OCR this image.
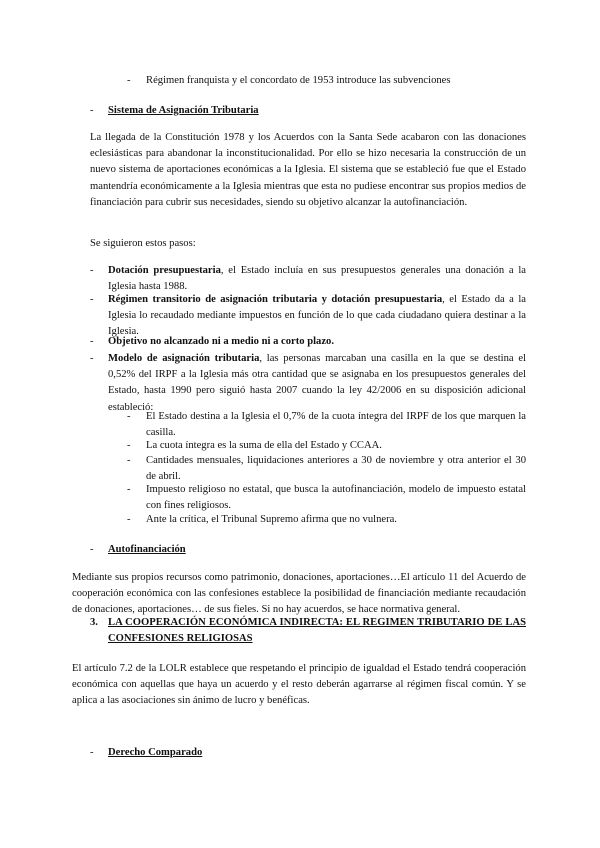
- Régimen franquista y el concordato de 1953 introduce las subvenciones
- Sistema de Asignación Tributaria
La llegada de la Constitución 1978 y los Acuerdos con la Santa Sede acabaron con las donaciones eclesiásticas para abandonar la inconstitucionalidad. Por ello se hizo necesaria la construcción de un nuevo sistema de aportaciones económicas a la Iglesia. El sistema que se estableció fue que el Estado mantendría económicamente a la Iglesia mientras que esta no pudiese encontrar sus propios medios de financiación para cubrir sus necesidades, siendo su objetivo alcanzar la autofinanciación.
Se siguieron estos pasos:
- Dotación presupuestaria, el Estado incluía en sus presupuestos generales una donación a la Iglesia hasta 1988.
- Régimen transitorio de asignación tributaria y dotación presupuestaria, el Estado da a la Iglesia lo recaudado mediante impuestos en función de lo que cada ciudadano quiera destinar a la Iglesia.
- Objetivo no alcanzado ni a medio ni a corto plazo.
- Modelo de asignación tributaria, las personas marcaban una casilla en la que se destina el 0,52% del IRPF a la Iglesia más otra cantidad que se asignaba en los presupuestos generales del Estado, hasta 1990 pero siguió hasta 2007 cuando la ley 42/2006 en su disposición adicional estableció:
- El Estado destina a la Iglesia el 0,7% de la cuota íntegra del IRPF de los que marquen la casilla.
- La cuota íntegra es la suma de ella del Estado y CCAA.
- Cantidades mensuales, liquidaciones anteriores a 30 de noviembre y otra anterior el 30 de abril.
- Impuesto religioso no estatal, que busca la autofinanciación, modelo de impuesto estatal con fines religiosos.
- Ante la crítica, el Tribunal Supremo afirma que no vulnera.
- Autofinanciación
Mediante sus propios recursos como patrimonio, donaciones, aportaciones…El artículo 11 del Acuerdo de cooperación económica con las confesiones establece la posibilidad de financiación mediante recaudación de donaciones, aportaciones… de sus fieles. Si no hay acuerdos, se hace normativa general.
3. LA COOPERACIÓN ECONÓMICA INDIRECTA: EL REGIMEN TRIBUTARIO DE LAS CONFESIONES RELIGIOSAS
El artículo 7.2 de la LOLR establece que respetando el principio de igualdad el Estado tendrá cooperación económica con aquellas que haya un acuerdo y el resto deberán agarrarse al régimen fiscal común. Y se aplica a las asociaciones sin ánimo de lucro y benéficas.
- Derecho Comparado
